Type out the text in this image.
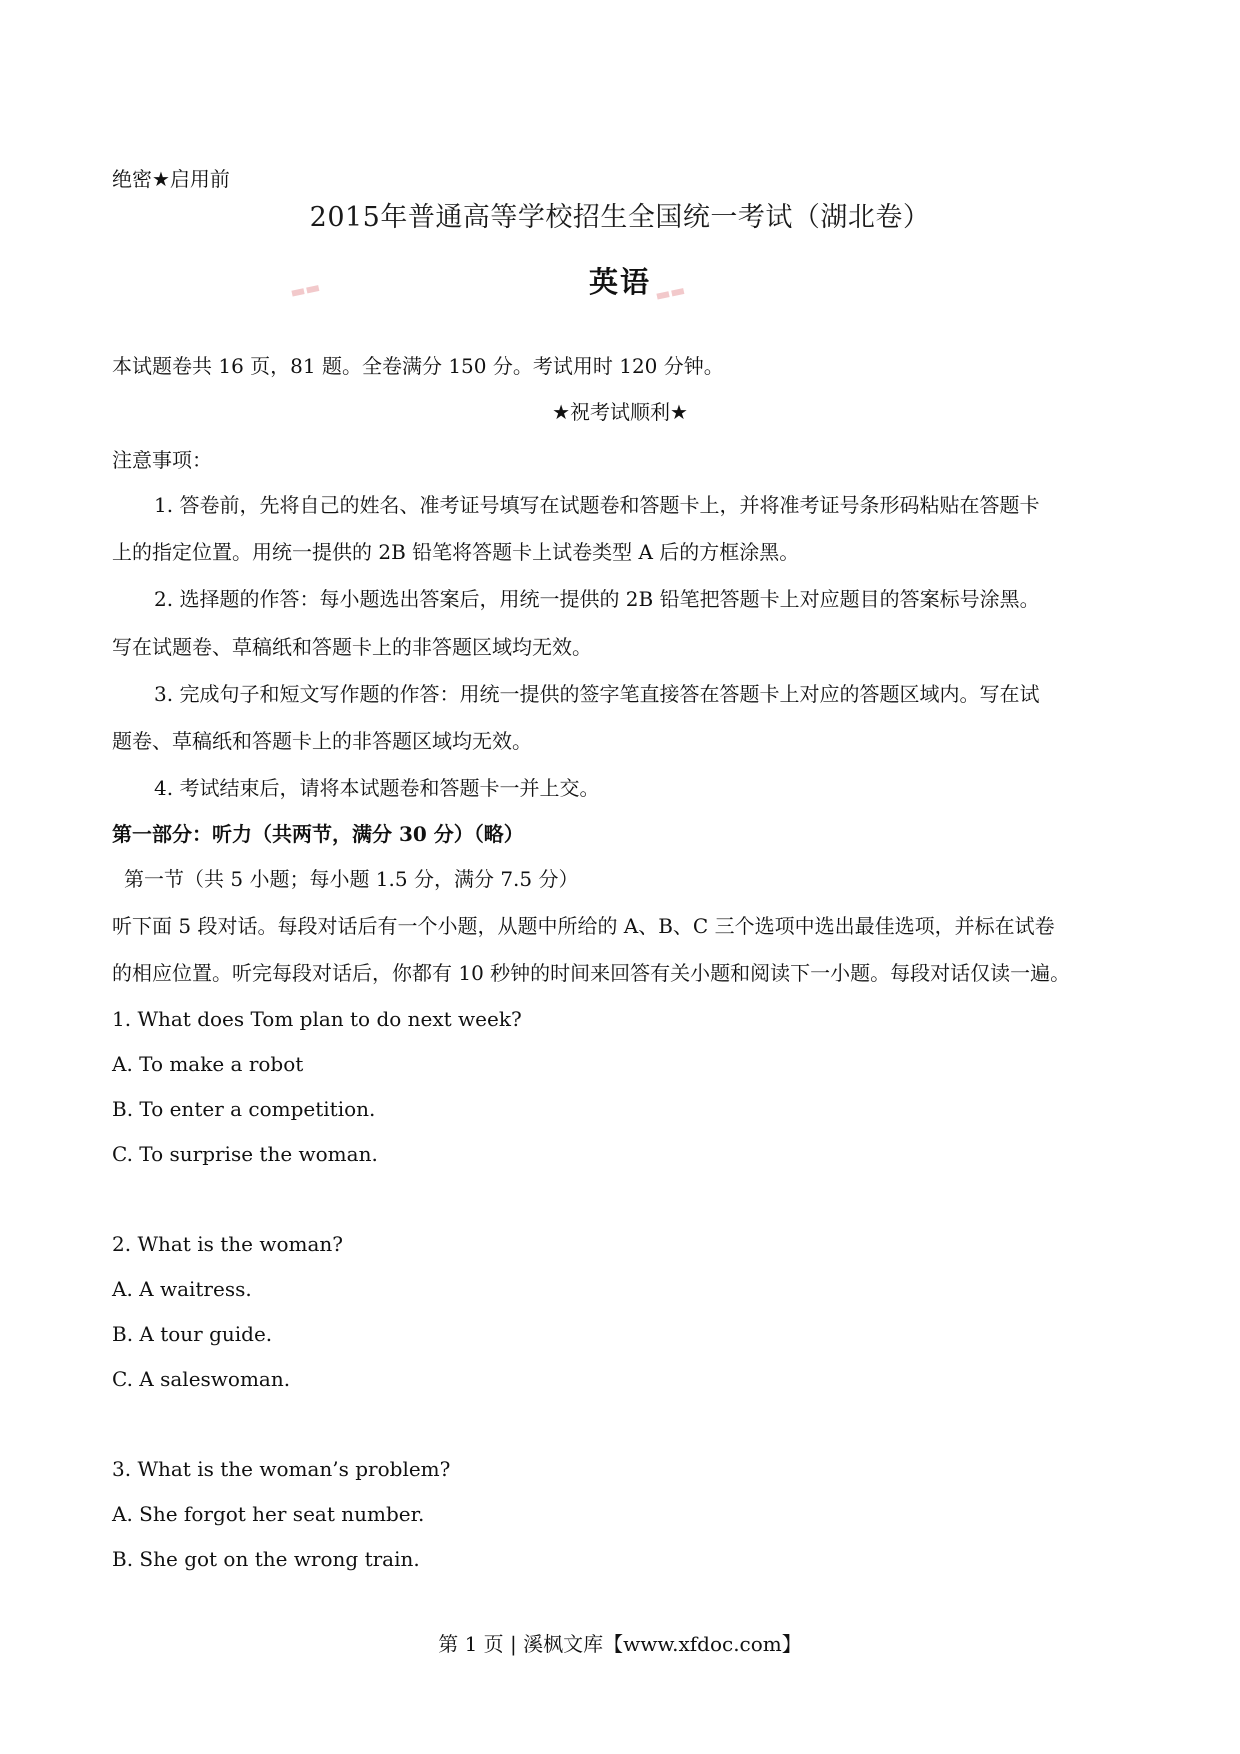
▬▬	▬▬
绝密★启用前
2015年普通高等学校招生全国统一考试（湖北卷）
英语
本试题卷共 16 页，81 题。全卷满分 150 分。考试用时 120 分钟。
★祝考试顺利★
注意事项：
1. 答卷前，先将自己的姓名、准考证号填写在试题卷和答题卡上，并将准考证号条形码粘贴在答题卡
上的指定位置。用统一提供的 2B 铅笔将答题卡上试卷类型 A 后的方框涂黑。
2. 选择题的作答：每小题选出答案后，用统一提供的 2B 铅笔把答题卡上对应题目的答案标号涂黑。
写在试题卷、草稿纸和答题卡上的非答题区域均无效。
3. 完成句子和短文写作题的作答：用统一提供的签字笔直接答在答题卡上对应的答题区域内。写在试
题卷、草稿纸和答题卡上的非答题区域均无效。
4. 考试结束后，请将本试题卷和答题卡一并上交。
第一部分：听力（共两节，满分 30 分）（略）
第一节（共 5 小题；每小题 1.5 分，满分 7.5 分）
听下面 5 段对话。每段对话后有一个小题，从题中所给的 A、B、C 三个选项中选出最佳选项，并标在试卷
的相应位置。听完每段对话后，你都有 10 秒钟的时间来回答有关小题和阅读下一小题。每段对话仅读一遍。
1. What does Tom plan to do next week?
A. To make a robot
B. To enter a competition.
C. To surprise the woman.
2. What is the woman?
A. A waitress.
B. A tour guide.
C. A saleswoman.
3. What is the woman’s problem?
A. She forgot her seat number.
B. She got on the wrong train.
第 1 页 | 溪枫文库【www.xfdoc.com】
